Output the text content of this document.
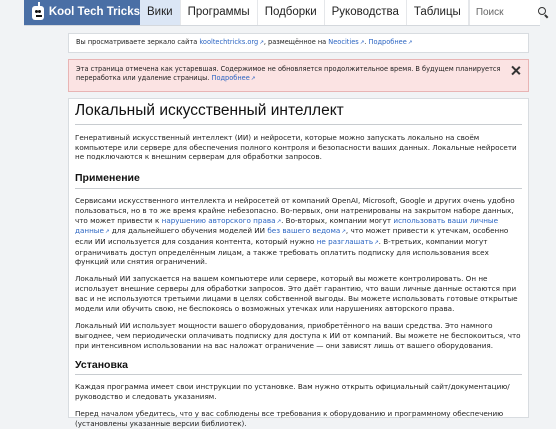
Kool Tech Tricks Вики	Программы	Подборки	Руководства	Таблицы
Поиск
Вы просматриваете зеркало сайта kooltechtricks.org↗, размещённое на Neocities↗. Подробнее↗
Эта страница отмечена как устаревшая. Содержимое не обновляется продолжительное время. В будущем планируется переработка или удаление страницы. Подробнее↗
Локальный искусственный интеллект

Генеративный искусственный интеллект (ИИ) и нейросети, которые можно запускать локально на своём компьютере или сервере для обеспечения полного контроля и безопасности ваших данных. Локальные нейросети не подключаются к внешним серверам для обработки запросов.

Применение

Сервисами искусственного интеллекта и нейросетей от компаний OpenAI, Microsoft, Google и других очень удобно пользоваться, но в то же время крайне небезопасно. Во-первых, они натренированы на закрытом наборе данных, что может привести к нарушению авторского права↗. Во-вторых, компании могут использовать ваши личные данные↗ для дальнейшего обучения моделей ИИ без вашего ведома↗, что может привести к утечкам, особенно если ИИ используется для создания контента, который нужно не разглашать↗. В-третьих, компании могут ограничивать доступ определённым лицам, а также требовать оплатить подписку для использования всех функций или снятия ограничений.

Локальный ИИ запускается на вашем компьютере или сервере, который вы можете контролировать. Он не использует внешние серверы для обработки запросов. Это даёт гарантию, что ваши личные данные остаются при вас и не используются третьими лицами в целях собственной выгоды. Вы можете использовать готовые открытые модели или обучить свою, не беспокоясь о возможных утечках или нарушениях авторского права.

Локальный ИИ использует мощности вашего оборудования, приобретённого на ваши средства. Это намного выгоднее, чем периодически оплачивать подписку для доступа к ИИ от компаний. Вы можете не беспокоиться, что при интенсивном использовании на вас наложат ограничение — они зависят лишь от вашего оборудования.

Установка

Каждая программа имеет свои инструкции по установке. Вам нужно открыть официальный сайт/документацию/руководство и следовать указаниям.

Перед началом убедитесь, что у вас соблюдены все требования к оборудованию и программному обеспечению (установлены указанные версии библиотек).
